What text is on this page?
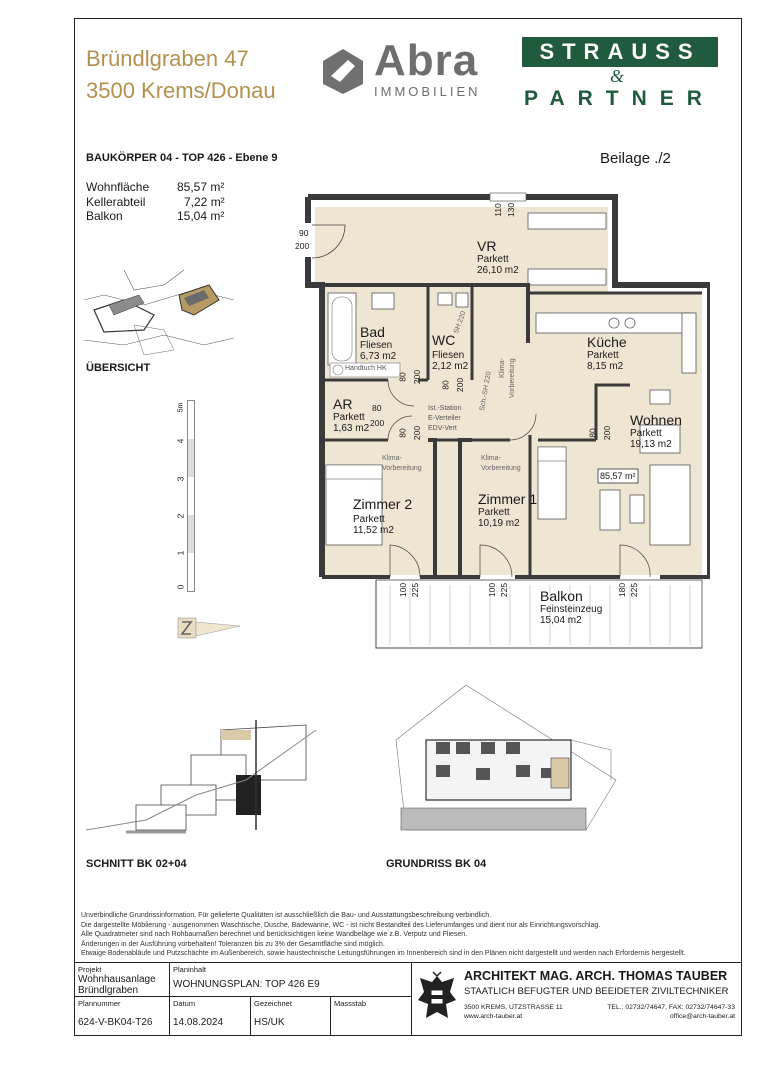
Bründlgraben 47
3500 Krems/Donau
Abra
IMMOBILIEN
STRAUSS
&
PARTNER
BAUKÖRPER 04 - TOP 426 - Ebene 9	Beilage ./2
Wohnfläche 85,57 m²
Kellerabteil	7,22 m²
Balkon	15,04 m²
ÜBERSICHT
5m
4
3
2
1
0
VR
Parkett
26,10 m2
Bad
Fliesen
6,73 m2
WC
Fliesen
2,12 m2
Küche
Parkett
8,15 m2
Wohnen
Parkett
19,13 m2
AR
Parkett
1,63 m2
Zimmer 2
Parkett
11,52 m2
Zimmer 1
Parkett
10,19 m2
Balkon
Feinsteinzeug
15,04 m2
85,57 m²
Handtuch HK
Ist.-Station
E-Verteiler
EDV-Vert
Klima-
Vorbereitung
Klima-
Vorbereitung
Klima- Vorbereitung
SH 220
Sch.-SH 220
90
200
110 130
80
200
80 200
80 200
80 200	80 200
100 225	100 225	180 225
SCHNITT BK 02+04	GRUNDRISS BK 04
Unverbindliche Grundrissinformation. Für gelieferte Qualitäten ist ausschließlich die Bau- und Ausstattungsbeschreibung verbindlich.
Die dargestellte Möblierung - ausgenommen Waschtische, Dusche, Badewanne, WC - ist nicht Bestandteil des Lieferumfanges und dient nur als Einrichtungsvorschlag.
Alle Quadratmeter sind nach Rohbaumaßen berechnet und berücksichtigen keine Wandbeläge wie z.B. Verputz und Fliesen.
Änderungen in der Ausführung vorbehalten! Toleranzen bis zu 3% der Gesamtfläche sind möglich.
Etwaige Bodenabläufe und Putzschächte im Außenbereich, sowie haustechnische Leitungsführungen im Innenbereich sind in den Plänen nicht dargestellt und werden nach Erfordernis hergestellt.
Projekt
Wohnhausanlage
Bründlgraben
Planinhalt
WOHNUNGSPLAN: TOP 426 E9
Plannummer
624-V-BK04-T26
Datum
14.08.2024
Gezeichnet
HS/UK
Massstab
ARCHITEKT MAG. ARCH. THOMAS TAUBER
STAATLICH BEFUGTER UND BEEIDETER ZIVILTECHNIKER
3500 KREMS, UTZSTRASSE 11
www.arch-tauber.at
TEL.: 02732/74647, FAX: 02732/74647-33
office@arch-tauber.at
